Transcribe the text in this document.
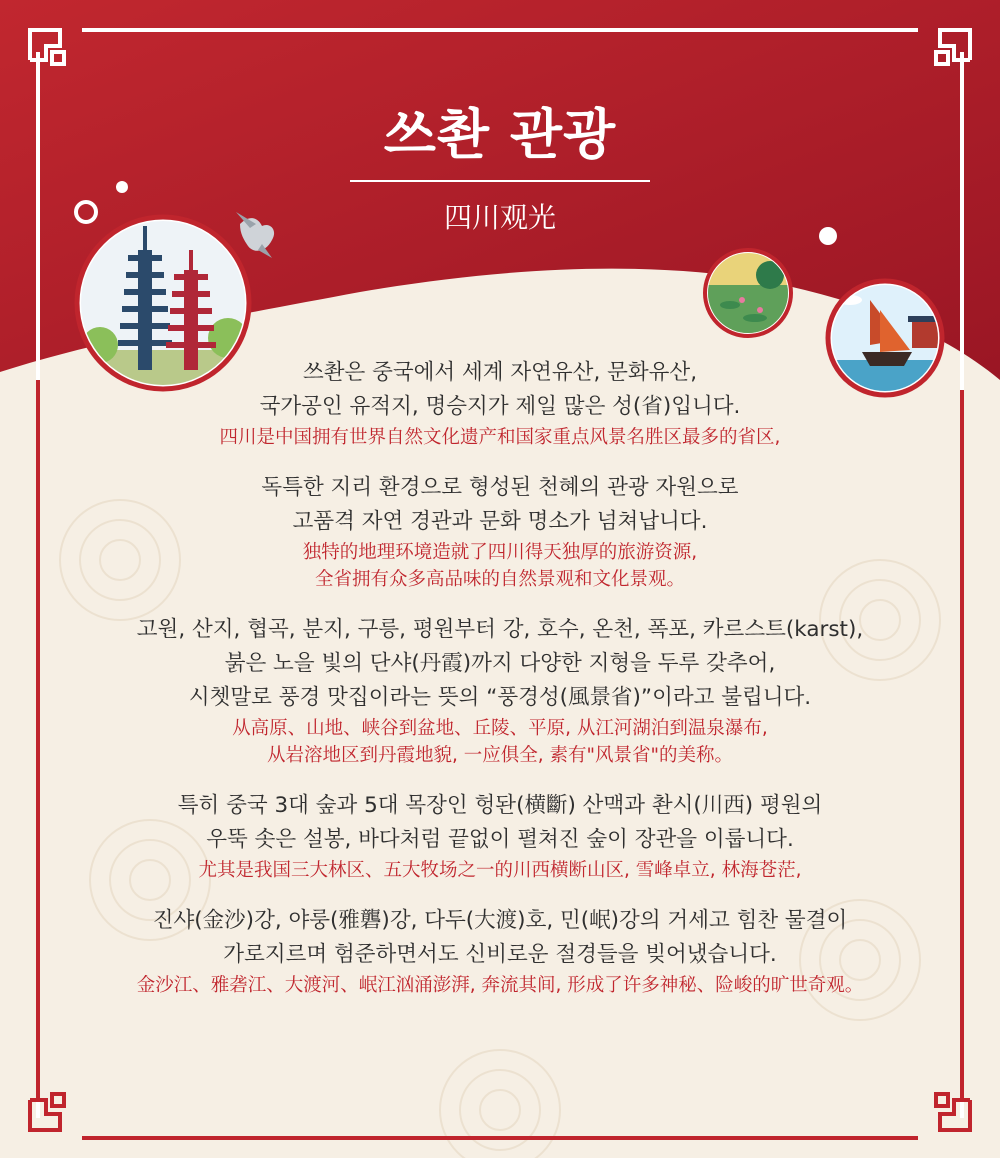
쓰촨 관광
四川观光
쓰촨은 중국에서 세계 자연유산, 문화유산,
국가공인 유적지, 명승지가 제일 많은 성(省)입니다.
四川是中国拥有世界自然文化遗产和国家重点风景名胜区最多的省区,
독특한 지리 환경으로 형성된 천혜의 관광 자원으로
고품격 자연 경관과 문화 명소가 넘쳐납니다.
独特的地理环境造就了四川得天独厚的旅游资源,
全省拥有众多高品味的自然景观和文化景观。
고원, 산지, 협곡, 분지, 구릉, 평원부터 강, 호수, 온천, 폭포, 카르스트(karst),
붉은 노을 빛의 단샤(丹霞)까지 다양한 지형을 두루 갖추어,
시쳇말로 풍경 맛집이라는 뜻의 “풍경성(風景省)”이라고 불립니다.
从高原、山地、峡谷到盆地、丘陵、平原, 从江河湖泊到温泉瀑布,
从岩溶地区到丹霞地貌, 一应俱全, 素有"风景省"的美称。
특히 중국 3대 숲과 5대 목장인 헝돤(横斷) 산맥과 촨시(川西) 평원의
우뚝 솟은 설봉, 바다처럼 끝없이 펼쳐진 숲이 장관을 이룹니다.
尤其是我国三大林区、五大牧场之一的川西横断山区, 雪峰卓立, 林海苍茫,
진샤(金沙)강, 야룽(雅礱)강, 다두(大渡)호, 민(岷)강의 거세고 힘찬 물결이
가로지르며 험준하면서도 신비로운 절경들을 빚어냈습니다.
金沙江、雅砻江、大渡河、岷江汹涌澎湃, 奔流其间, 形成了许多神秘、险峻的旷世奇观。
